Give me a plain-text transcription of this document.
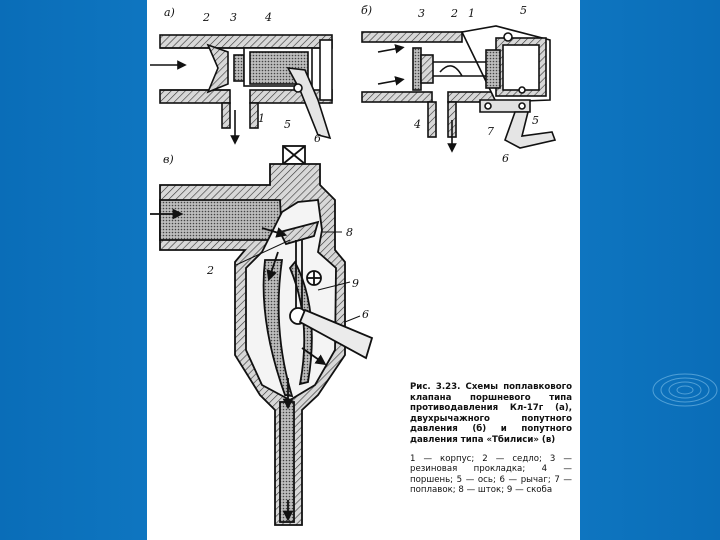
2 3	4
1 5
6
3 2 1	5
4
7
5
6
8
2
9
6
а)	б)
в)
Рис. 3.23. Схемы поплавкового клапана поршневого типа противодавления Кл-17г (а), двухрычажного попутного давления (б) и попутного давления типа «Тбилиси» (в)
1 — корпус; 2 — седло; 3 — резиновая прокладка; 4 — поршень; 5 — ось; 6 — рычаг; 7 — поплавок; 8 — шток; 9 — скоба
